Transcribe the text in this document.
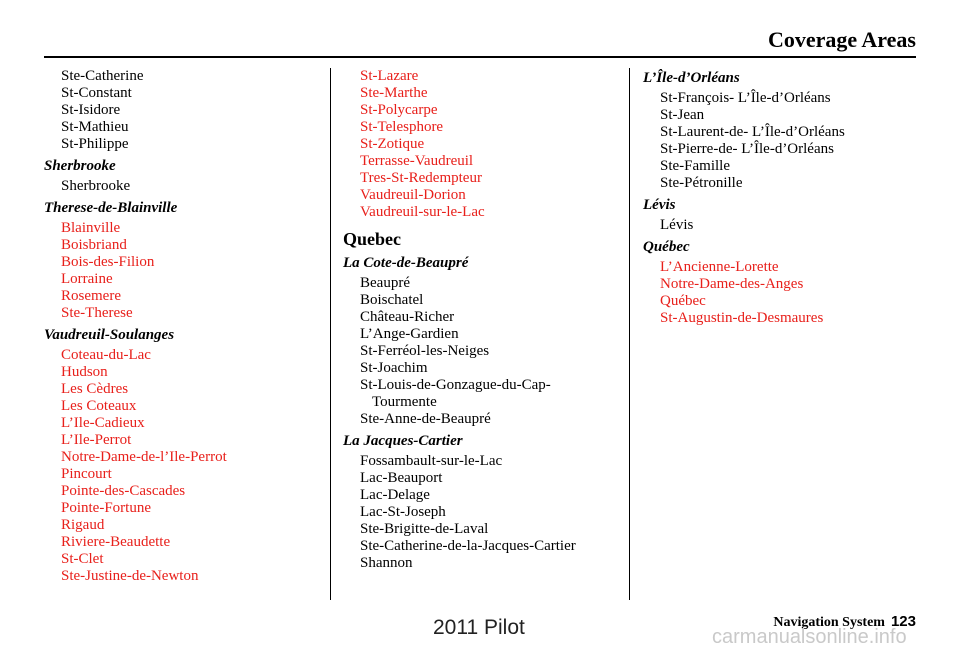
Coverage Areas
Ste-Catherine
St-Constant
St-Isidore
St-Mathieu
St-Philippe
Sherbrooke
Sherbrooke
Therese-de-Blainville
Blainville
Boisbriand
Bois-des-Filion
Lorraine
Rosemere
Ste-Therese
Vaudreuil-Soulanges
Coteau-du-Lac
Hudson
Les Cèdres
Les Coteaux
L’Ile-Cadieux
L’Ile-Perrot
Notre-Dame-de-l’Ile-Perrot
Pincourt
Pointe-des-Cascades
Pointe-Fortune
Rigaud
Riviere-Beaudette
St-Clet
Ste-Justine-de-Newton
St-Lazare
Ste-Marthe
St-Polycarpe
St-Telesphore
St-Zotique
Terrasse-Vaudreuil
Tres-St-Redempteur
Vaudreuil-Dorion
Vaudreuil-sur-le-Lac
Quebec
La Cote-de-Beaupré
Beaupré
Boischatel
Château-Richer
L’Ange-Gardien
St-Ferréol-les-Neiges
St-Joachim
St-Louis-de-Gonzague-du-Cap-
Tourmente
Ste-Anne-de-Beaupré
La Jacques-Cartier
Fossambault-sur-le-Lac
Lac-Beauport
Lac-Delage
Lac-St-Joseph
Ste-Brigitte-de-Laval
Ste-Catherine-de-la-Jacques-Cartier
Shannon
L’Île-d’Orléans
St-François- L’Île-d’Orléans
St-Jean
St-Laurent-de- L’Île-d’Orléans
St-Pierre-de- L’Île-d’Orléans
Ste-Famille
Ste-Pétronille
Lévis
Lévis
Québec
L’Ancienne-Lorette
Notre-Dame-des-Anges
Québec
St-Augustin-de-Desmaures
Navigation System 123
2011 Pilot	carmanualsonline.info
